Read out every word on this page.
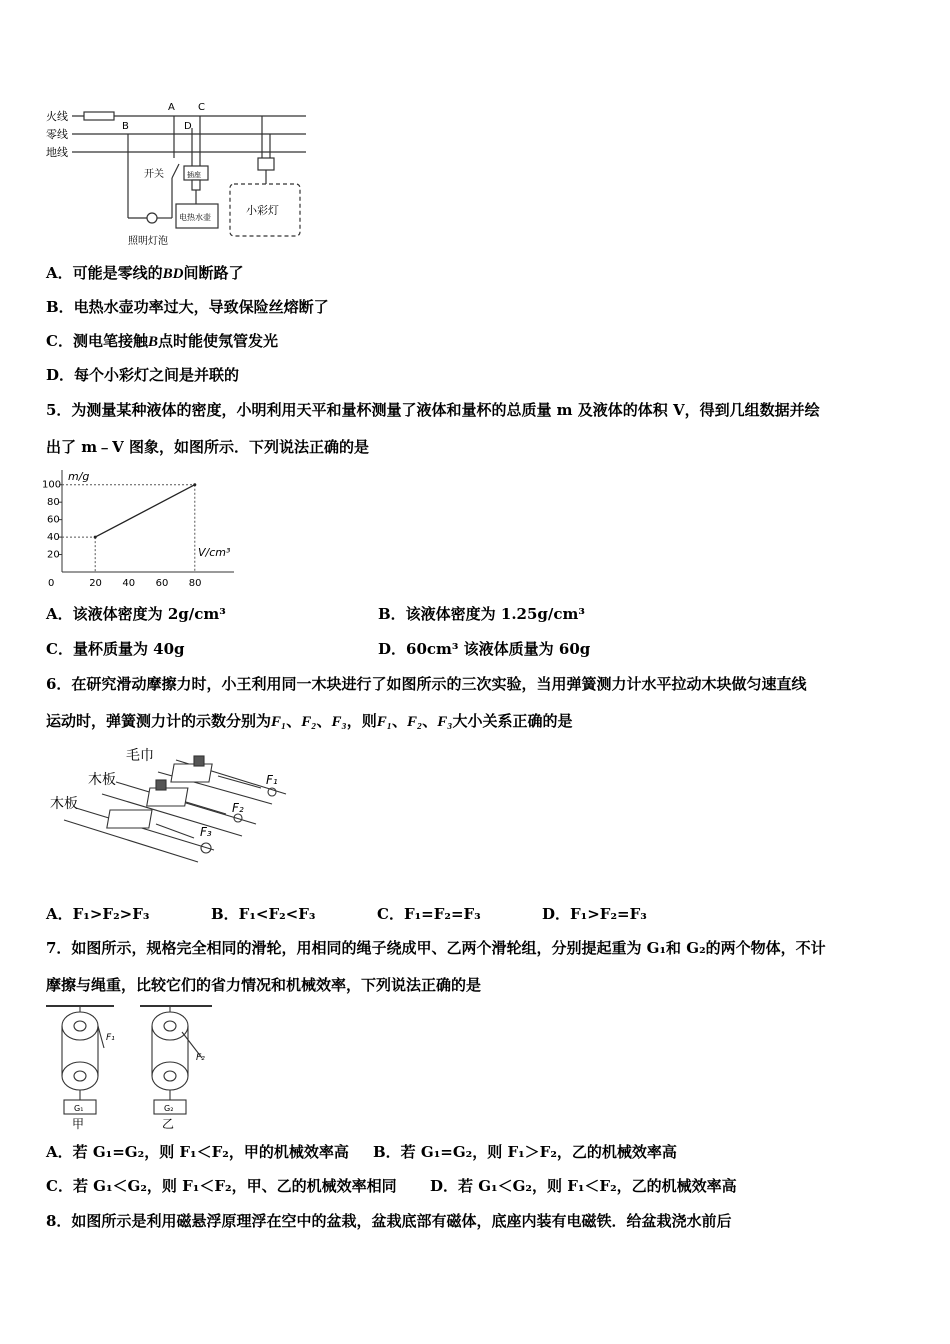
火线
零线
地线
A
B
C
D
开关	插座
电热水壶
照明灯泡
小彩灯
A．可能是零线的BD间断路了
B．电热水壶功率过大，导致保险丝熔断了
C．测电笔接触B点时能使氖管发光
D．每个小彩灯之间是并联的
5．为测量某种液体的密度，小明利用天平和量杯测量了液体和量杯的总质量 m 及液体的体积 V，得到几组数据并绘
出了 m﹣V 图象，如图所示．下列说法正确的是
m/g
V/cm³
0	20 40 60 80
20
40
60
80
100
A．该液体密度为 2g/cm³	B．该液体密度为 1.25g/cm³
C．量杯质量为 40g	D．60cm³ 该液体质量为 60g
6．在研究滑动摩擦力时，小王利用同一木块进行了如图所示的三次实验，当用弹簧测力计水平拉动木块做匀速直线
运动时，弹簧测力计的示数分别为F₁、F₂、F₃，则F₁、F₂、F₃大小关系正确的是
毛巾
木板
木板
F₁
F₂
F₃
A．F₁>F₂>F₃	B．F₁<F₂<F₃	C．F₁=F₂=F₃	D．F₁>F₂=F₃
7．如图所示，规格完全相同的滑轮，用相同的绳子绕成甲、乙两个滑轮组，分别提起重为 G₁和 G₂的两个物体，不计
摩擦与绳重，比较它们的省力情况和机械效率，下列说法正确的是
F₁
F₂
G₁	G₂
甲	乙
A．若 G₁=G₂，则 F₁＜F₂，甲的机械效率高 B．若 G₁=G₂，则 F₁＞F₂，乙的机械效率高
C．若 G₁＜G₂，则 F₁＜F₂，甲、乙的机械效率相同 D．若 G₁＜G₂，则 F₁＜F₂，乙的机械效率高
8．如图所示是利用磁悬浮原理浮在空中的盆栽，盆栽底部有磁体，底座内装有电磁铁．给盆栽浇水前后
